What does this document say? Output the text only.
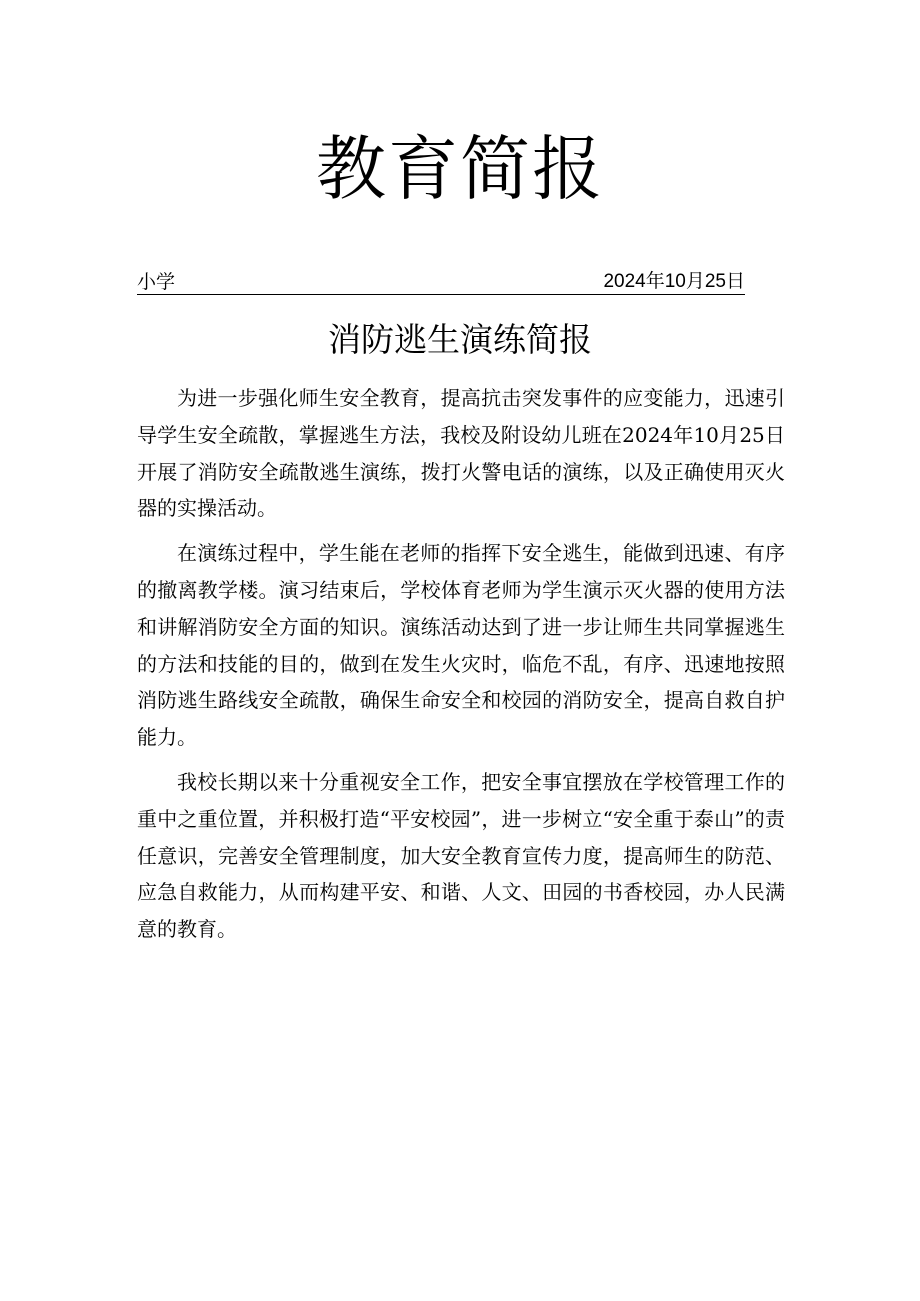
教育简报
小学	2024年10月25日
消防逃生演练简报

为进一步强化师生安全教育，提高抗击突发事件的应变能力，迅速引导学生安全疏散，掌握逃生方法，我校及附设幼儿班在2024年10月25日开展了消防安全疏散逃生演练，拨打火警电话的演练，以及正确使用灭火器的实操活动。

在演练过程中，学生能在老师的指挥下安全逃生，能做到迅速、有序的撤离教学楼。演习结束后，学校体育老师为学生演示灭火器的使用方法和讲解消防安全方面的知识。演练活动达到了进一步让师生共同掌握逃生的方法和技能的目的，做到在发生火灾时，临危不乱，有序、迅速地按照消防逃生路线安全疏散，确保生命安全和校园的消防安全，提高自救自护能力。

我校长期以来十分重视安全工作，把安全事宜摆放在学校管理工作的重中之重位置，并积极打造“平安校园”，进一步树立“安全重于泰山”的责任意识，完善安全管理制度，加大安全教育宣传力度，提高师生的防范、应急自救能力，从而构建平安、和谐、人文、田园的书香校园，办人民满意的教育。
